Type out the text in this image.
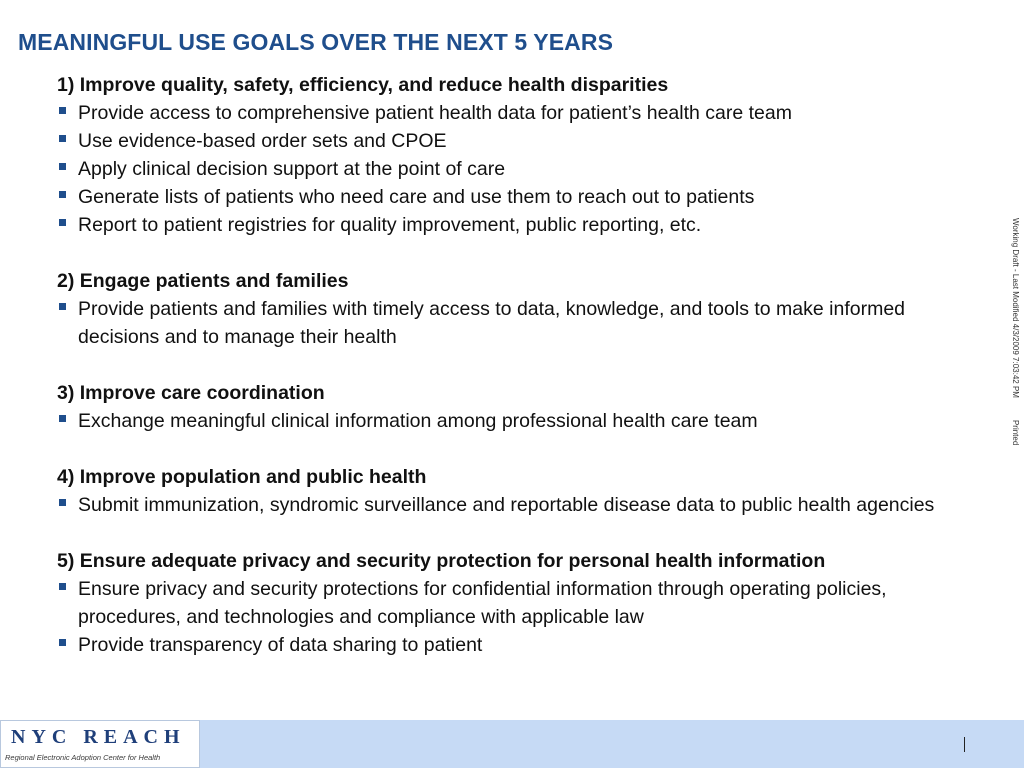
MEANINGFUL USE GOALS OVER THE NEXT 5 YEARS
1) Improve quality, safety, efficiency, and reduce health disparities
Provide access to comprehensive patient health data for patient’s health care team
Use evidence-based order sets and CPOE
Apply clinical decision support at the point of care
Generate lists of patients who need care and use them to reach out to patients
Report to patient registries for quality improvement, public reporting, etc.
2) Engage patients and families
Provide patients and families with timely access to data, knowledge, and tools to make informed decisions and to manage their health
3) Improve care coordination
Exchange meaningful clinical information among professional health care team
4) Improve population and public health
Submit immunization, syndromic surveillance and reportable disease data to public health agencies
5) Ensure adequate privacy and security protection for personal health information
Ensure privacy and security protections for confidential information through operating policies, procedures, and technologies and compliance with applicable law
Provide transparency of data sharing to patient
Working Draft - Last Modified 4/3/2009 7:03:42 PMPrinted
NYC REACH
Regional Electronic Adoption Center for Health
